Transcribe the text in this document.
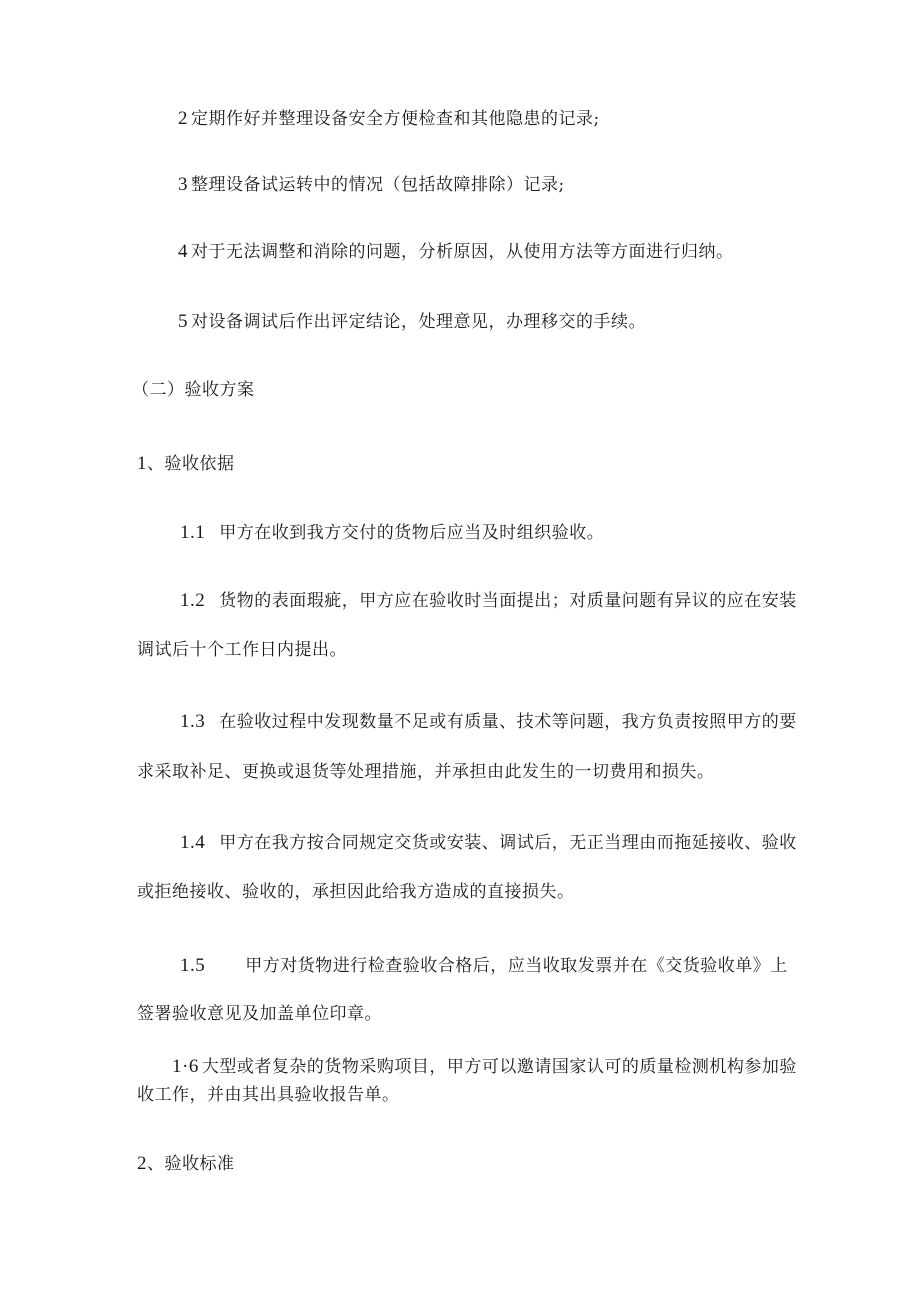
2 定期作好并整理设备安全方便检查和其他隐患的记录;
3 整理设备试运转中的情况（包括故障排除）记录;
4 对于无法调整和消除的问题，分析原因，从使用方法等方面进行归纳。
5 对设备调试后作出评定结论，处理意见，办理移交的手续。
（二）验收方案
1、验收依据
1.1 甲方在收到我方交付的货物后应当及时组织验收。
1.2 货物的表面瑕疵，甲方应在验收时当面提出；对质量问题有异议的应在安装
调试后十个工作日内提出。
1.3 在验收过程中发现数量不足或有质量、技术等问题，我方负责按照甲方的要
求采取补足、更换或退货等处理措施，并承担由此发生的一切费用和损失。
1.4 甲方在我方按合同规定交货或安装、调试后，无正当理由而拖延接收、验收
或拒绝接收、验收的，承担因此给我方造成的直接损失。
1.5 甲方对货物进行检查验收合格后，应当收取发票并在《交货验收单》上
签署验收意见及加盖单位印章。
1·6 大型或者复杂的货物采购项目，甲方可以邀请国家认可的质量检测机构参加验
收工作，并由其出具验收报告单。
2、验收标准
